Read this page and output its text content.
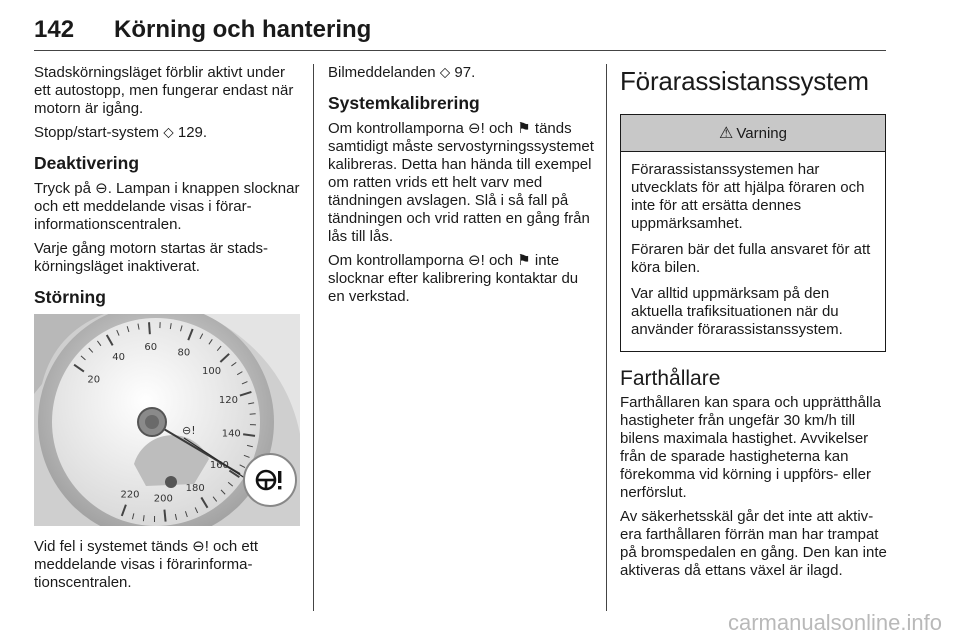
142 Körning och hantering

Stadskörningsläget förblir aktivt under ett autostopp, men fungerar endast när motorn är igång.

Stopp/start-system ⬦ 129.

Deaktivering

Tryck på ⊖. Lampan i knappen slocknar och ett meddelande visas i förarinformationscentralen.

Varje gång motorn startas är stadskörningsläget inaktiverat.

Störning
20
40
60 80
100
120
140
160
180
200
220
⊖!

Vid fel i systemet tänds ⊖! och ett meddelande visas i förarinformationscentralen.

Bilmeddelanden ⬦ 97.

Systemkalibrering

Om kontrollamporna ⊖! och ⚑ tänds samtidigt måste servostyrningssystemet kalibreras. Detta han hända till exempel om ratten vrids ett helt varv med tändningen avslagen. Slå i så fall på tändningen och vrid ratten en gång från lås till lås.

Om kontrollamporna ⊖! och ⚑ inte slocknar efter kalibrering kontaktar du en verkstad.

Förarassistanssystem
⚠ Varning

Förarassistanssystemen har utvecklats för att hjälpa föraren och inte för att ersätta dennes uppmärksamhet.

Föraren bär det fulla ansvaret för att köra bilen.

Var alltid uppmärksam på den aktuella trafiksituationen när du använder förarassistanssystem.

Farthållare

Farthållaren kan spara och upprätthålla hastigheter från ungefär 30 km/h till bilens maximala hastighet. Avvikelser från de sparade hastigheterna kan förekomma vid körning i uppförs- eller nerförslut.

Av säkerhetsskäl går det inte att aktivera farthållaren förrän man har trampat på bromspedalen en gång. Den kan inte aktiveras då ettans växel är ilagd.

carmanualsonline.info
